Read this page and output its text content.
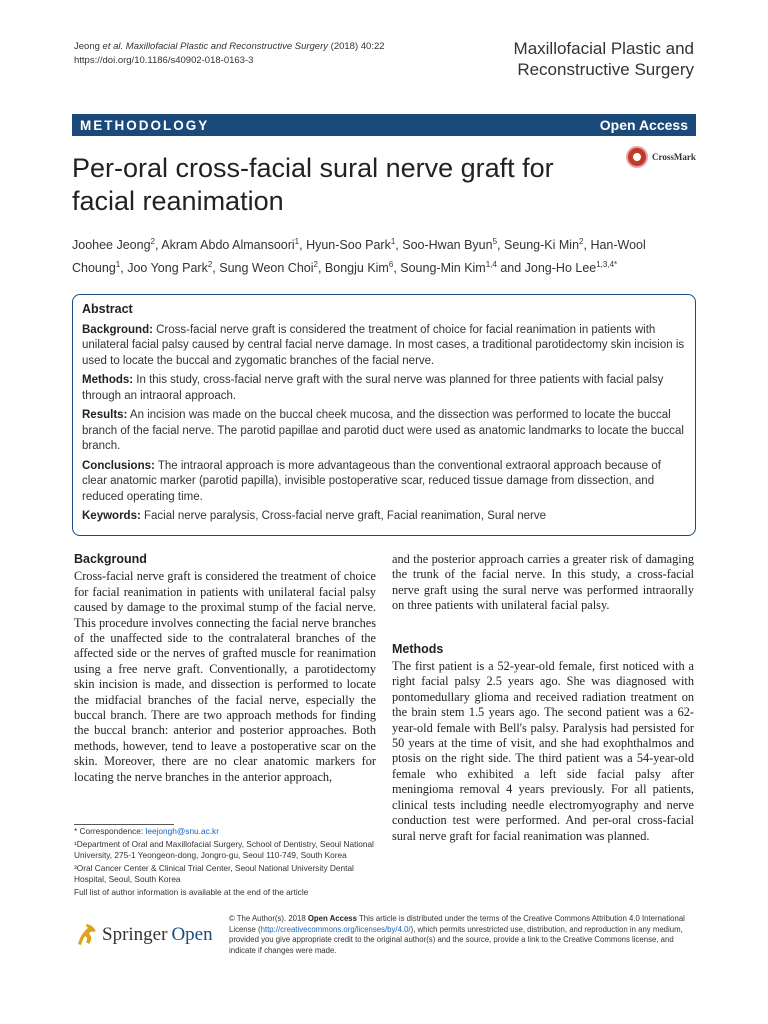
Jeong et al. Maxillofacial Plastic and Reconstructive Surgery (2018) 40:22
https://doi.org/10.1186/s40902-018-0163-3
Maxillofacial Plastic and
Reconstructive Surgery
METHODOLOGY	Open Access
Per-oral cross-facial sural nerve graft for facial reanimation
CrossMark
Joohee Jeong$^2$, Akram Abdo Almansoori$^1$, Hyun-Soo Park$^1$, Soo-Hwan Byun$^5$, Seung-Ki Min$^2$, Han-Wool Choung$^1$, Joo Yong Park$^2$, Sung Weon Choi$^2$, Bongju Kim$^6$, Soung-Min Kim$^{1,4}$ and Jong-Ho Lee$^{1,3,4*}$
Abstract

Background: Cross-facial nerve graft is considered the treatment of choice for facial reanimation in patients with unilateral facial palsy caused by central facial nerve damage. In most cases, a traditional parotidectomy skin incision is used to locate the buccal and zygomatic branches of the facial nerve.

Methods: In this study, cross-facial nerve graft with the sural nerve was planned for three patients with facial palsy through an intraoral approach.

Results: An incision was made on the buccal cheek mucosa, and the dissection was performed to locate the buccal branch of the facial nerve. The parotid papillae and parotid duct were used as anatomic landmarks to locate the buccal branch.

Conclusions: The intraoral approach is more advantageous than the conventional extraoral approach because of clear anatomic marker (parotid papilla), invisible postoperative scar, reduced tissue damage from dissection, and reduced operating time.

Keywords: Facial nerve paralysis, Cross-facial nerve graft, Facial reanimation, Sural nerve

Background

Cross-facial nerve graft is considered the treatment of choice for facial reanimation in patients with unilateral facial palsy caused by damage to the proximal stump of the facial nerve. This procedure involves connecting the facial nerve branches of the unaffected side to the contralateral branches of the affected side or the nerves of grafted muscle for reanimation using a free nerve graft. Conventionally, a parotidectomy skin incision is made, and dissection is performed to locate the midfacial branches of the facial nerve, especially the buccal branch. There are two approach methods for finding the buccal branch: anterior and posterior approaches. Both methods, however, tend to leave a postoperative scar on the skin. Moreover, there are no clear anatomic markers for locating the nerve branches in the anterior approach,

and the posterior approach carries a greater risk of damaging the trunk of the facial nerve. In this study, a cross-facial nerve graft using the sural nerve was performed intraorally on three patients with unilateral facial palsy.

Methods

The first patient is a 52-year-old female, first noticed with a right facial palsy 2.5 years ago. She was diagnosed with pontomedullary glioma and received radiation treatment on the brain stem 1.5 years ago. The second patient was a 62-year-old female with Bell's palsy. Paralysis had persisted for 50 years at the time of visit, and she had exophthalmos and ptosis on the right side. The third patient was a 54-year-old female who exhibited a left side facial palsy after meningioma removal 4 years previously. For all patients, clinical tests including needle electromyography and nerve conduction test were performed. And per-oral cross-facial sural nerve graft for facial reanimation was planned.

* Correspondence: leejongh@snu.ac.kr

¹Department of Oral and Maxillofacial Surgery, School of Dentistry, Seoul National University, 275-1 Yeongeon-dong, Jongro-gu, Seoul 110-749, South Korea

³Oral Cancer Center & Clinical Trial Center, Seoul National University Dental Hospital, Seoul, South Korea

Full list of author information is available at the end of the article

Springer Open
© The Author(s). 2018 Open Access This article is distributed under the terms of the Creative Commons Attribution 4.0 International License (http://creativecommons.org/licenses/by/4.0/), which permits unrestricted use, distribution, and reproduction in any medium, provided you give appropriate credit to the original author(s) and the source, provide a link to the Creative Commons license, and indicate if changes were made.
